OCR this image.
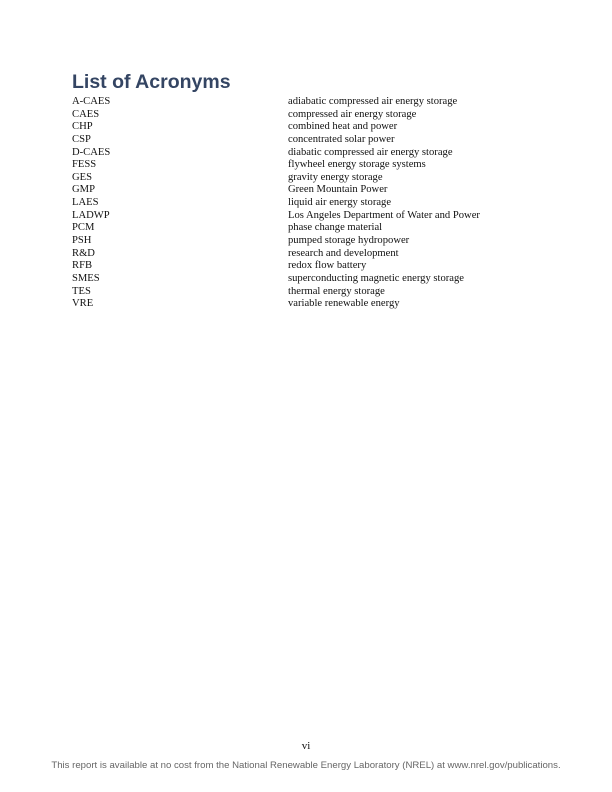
List of Acronyms
A-CAES	adiabatic compressed air energy storage
CAES	compressed air energy storage
CHP	combined heat and power
CSP	concentrated solar power
D-CAES	diabatic compressed air energy storage
FESS	flywheel energy storage systems
GES	gravity energy storage
GMP	Green Mountain Power
LAES	liquid air energy storage
LADWP	Los Angeles Department of Water and Power
PCM	phase change material
PSH	pumped storage hydropower
R&D	research and development
RFB	redox flow battery
SMES	superconducting magnetic energy storage
TES	thermal energy storage
VRE	variable renewable energy
vi
This report is available at no cost from the National Renewable Energy Laboratory (NREL) at www.nrel.gov/publications.
